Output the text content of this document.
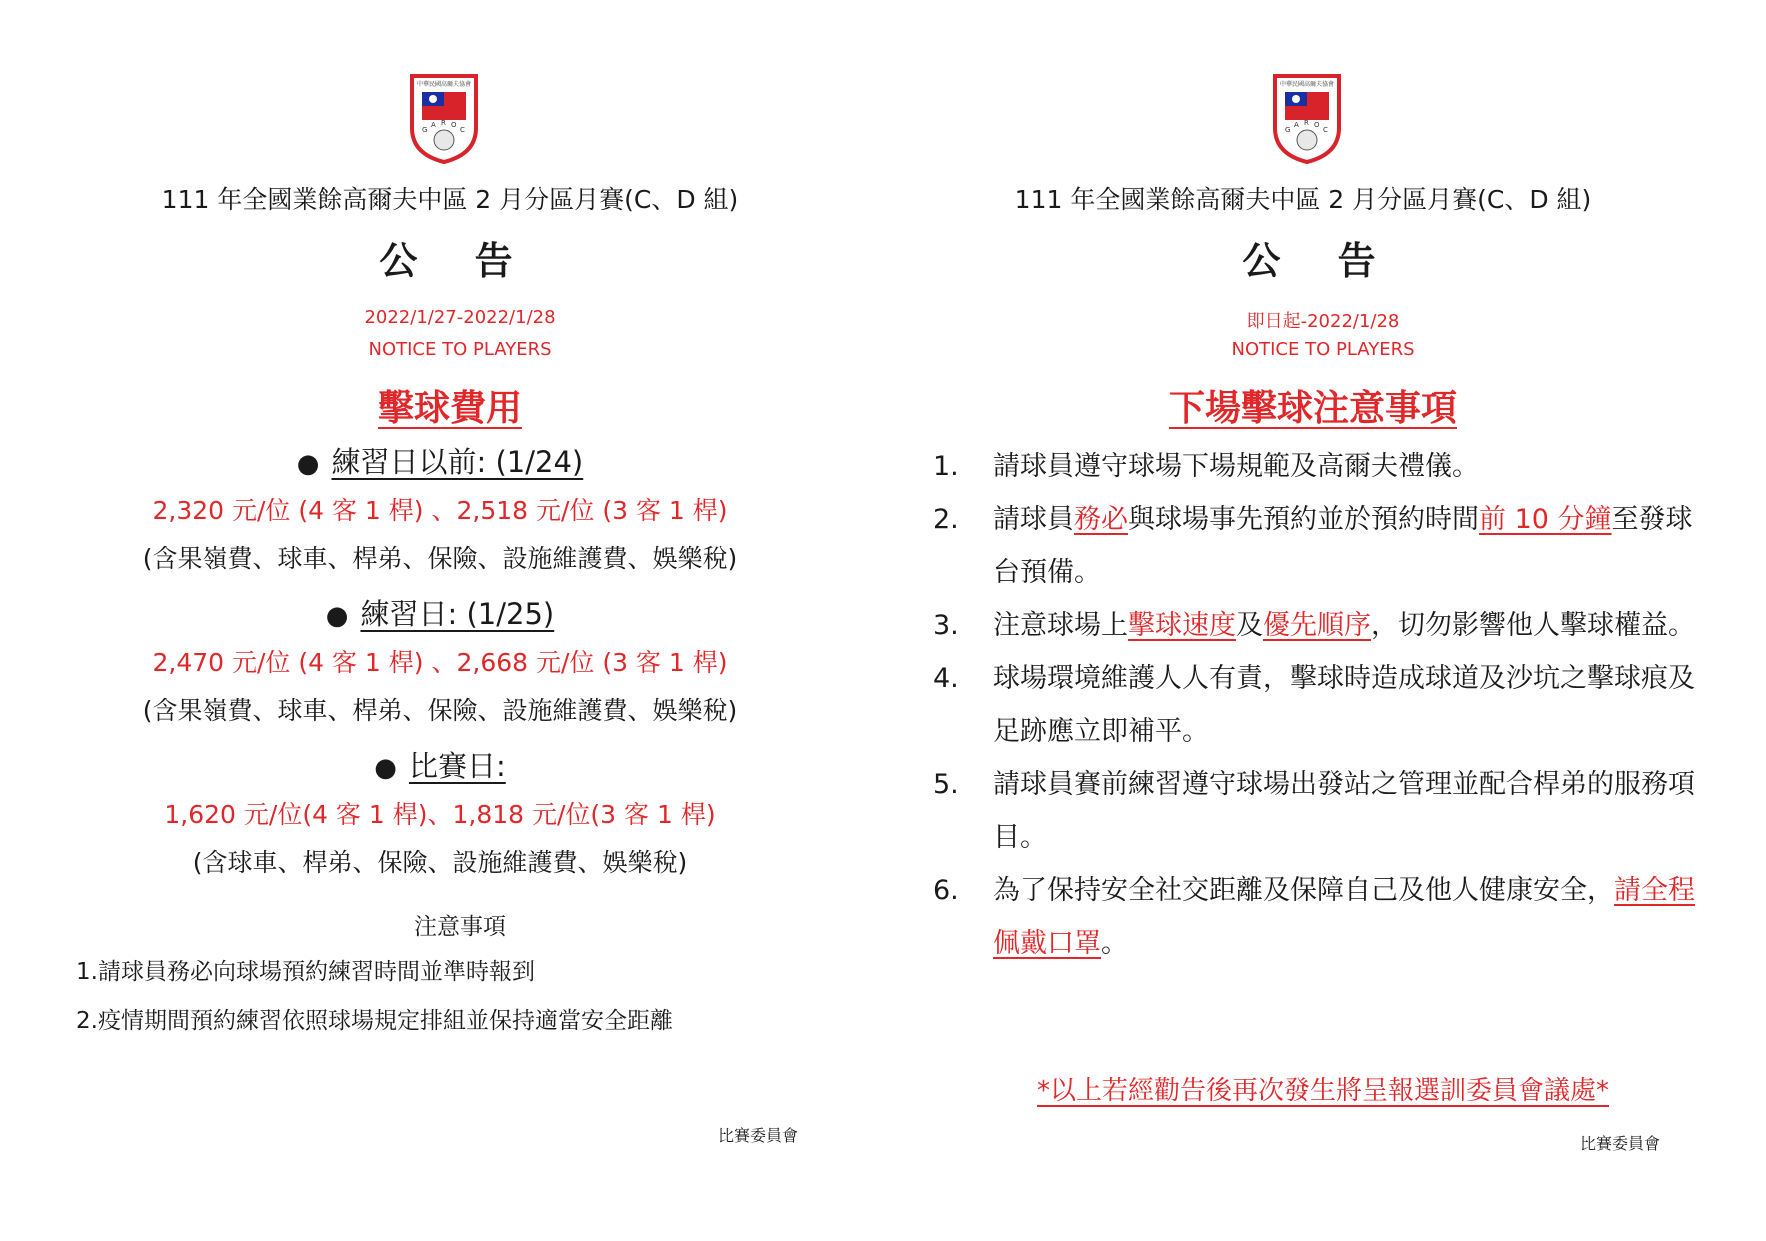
中華民國高爾夫協會
G
A R O
C
111 年全國業餘高爾夫中區 2 月分區月賽(C、D 組)
公 告
2022/1/27-2022/1/28
NOTICE TO PLAYERS
擊球費用
● 練習日以前: (1/24)
2,320 元/位 (4 客 1 桿) 、2,518 元/位 (3 客 1 桿)
(含果嶺費、球車、桿弟、保險、設施維護費、娛樂稅)
● 練習日: (1/25)
2,470 元/位 (4 客 1 桿) 、2,668 元/位 (3 客 1 桿)
(含果嶺費、球車、桿弟、保險、設施維護費、娛樂稅)
● 比賽日:
1,620 元/位(4 客 1 桿)、1,818 元/位(3 客 1 桿)
(含球車、桿弟、保險、設施維護費、娛樂稅)
注意事項
1.請球員務必向球場預約練習時間並準時報到
2.疫情期間預約練習依照球場規定排組並保持適當安全距離
比賽委員會
中華民國高爾夫協會
G
A R O
C
111 年全國業餘高爾夫中區 2 月分區月賽(C、D 組)
公 告
即日起-2022/1/28
NOTICE TO PLAYERS
下場擊球注意事項
1.	請球員遵守球場下場規範及高爾夫禮儀。
2.	請球員務必與球場事先預約並於預約時間前 10 分鐘至發球台預備。
3.	注意球場上擊球速度及優先順序，切勿影響他人擊球權益。
4.	球場環境維護人人有責，擊球時造成球道及沙坑之擊球痕及足跡應立即補平。
5.	請球員賽前練習遵守球場出發站之管理並配合桿弟的服務項目。
6.	為了保持安全社交距離及保障自己及他人健康安全，請全程佩戴口罩。
*以上若經勸告後再次發生將呈報選訓委員會議處*
比賽委員會
